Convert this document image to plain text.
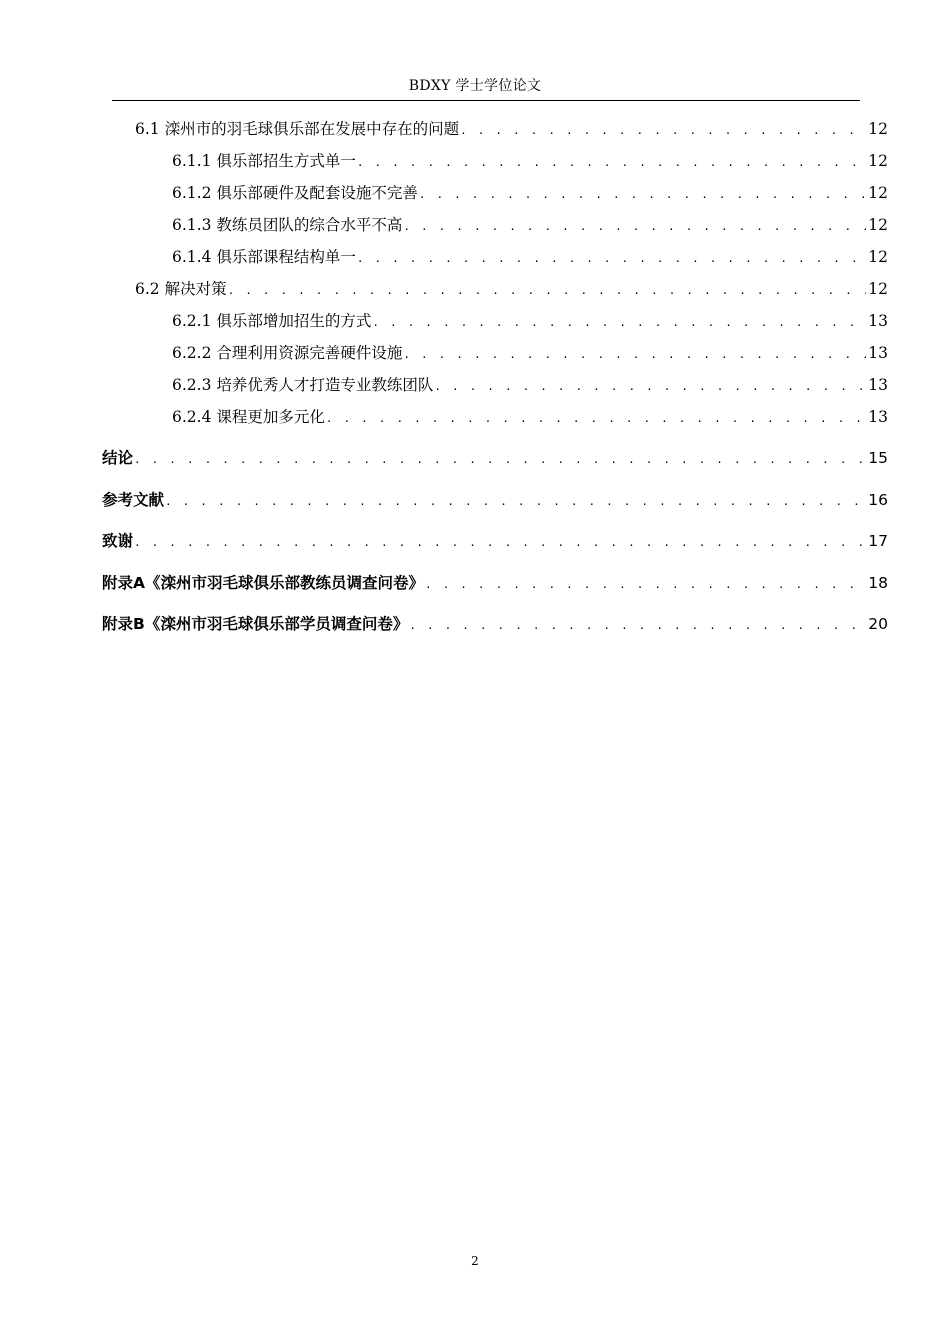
BDXY 学士学位论文
6.1 滦州市的羽毛球俱乐部在发展中存在的问题 . . .	12
6.1.1 俱乐部招生方式单一 . . .	12
6.1.2 俱乐部硬件及配套设施不完善 . . .	12
6.1.3 教练员团队的综合水平不高 . . .	12
6.1.4 俱乐部课程结构单一 . . .	12
6.2 解决对策 . . .	12
6.2.1 俱乐部增加招生的方式 . . .	13
6.2.2 合理利用资源完善硬件设施 . . .	13
6.2.3 培养优秀人才打造专业教练团队 . . .	13
6.2.4 课程更加多元化 . . .	13
结论 . . .	15
参考文献 . . .	16
致谢 . . .	17
附录A《滦州市羽毛球俱乐部教练员调查问卷》 . . .	18
附录B《滦州市羽毛球俱乐部学员调查问卷》 . . .	20
2
